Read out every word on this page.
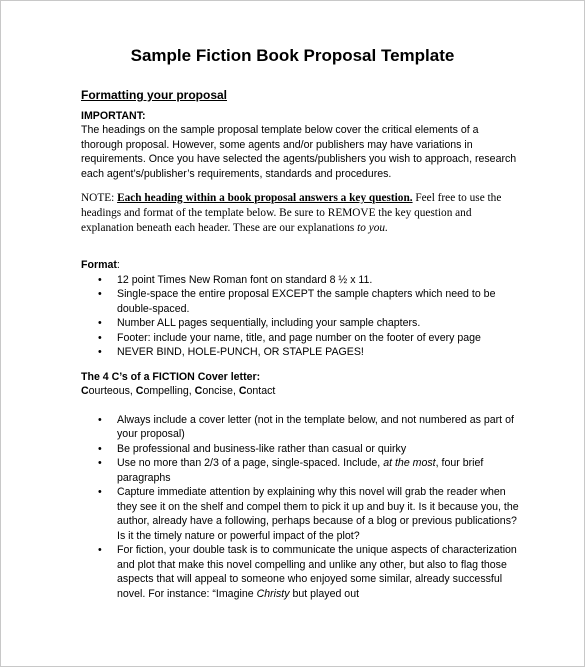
Sample Fiction Book Proposal Template
Formatting your proposal

IMPORTANT:

The headings on the sample proposal template below cover the critical elements of a thorough proposal. However, some agents and/or publishers may have variations in requirements. Once you have selected the agents/publishers you wish to approach, research each agent’s/publisher’s requirements, standards and procedures.

NOTE: Each heading within a book proposal answers a key question. Feel free to use the headings and format of the template below. Be sure to REMOVE the key question and explanation beneath each header. These are our explanations to you.

Format:

• 12 point Times New Roman font on standard 8 ½ x 11.
• Single-space the entire proposal EXCEPT the sample chapters which need to be double-spaced.
• Number ALL pages sequentially, including your sample chapters.
• Footer: include your name, title, and page number on the footer of every page
• NEVER BIND, HOLE-PUNCH, OR STAPLE PAGES!

The 4 C’s of a FICTION Cover letter:

Courteous, Compelling, Concise, Contact

• Always include a cover letter (not in the template below, and not numbered as part of your proposal)
• Be professional and business-like rather than casual or quirky
• Use no more than 2/3 of a page, single-spaced. Include, at the most, four brief paragraphs
• Capture immediate attention by explaining why this novel will grab the reader when they see it on the shelf and compel them to pick it up and buy it. Is it because you, the author, already have a following, perhaps because of a blog or previous publications? Is it the timely nature or powerful impact of the plot?
• For fiction, your double task is to communicate the unique aspects of characterization and plot that make this novel compelling and unlike any other, but also to flag those aspects that will appeal to someone who enjoyed some similar, already successful novel. For instance: “Imagine Christy but played out
